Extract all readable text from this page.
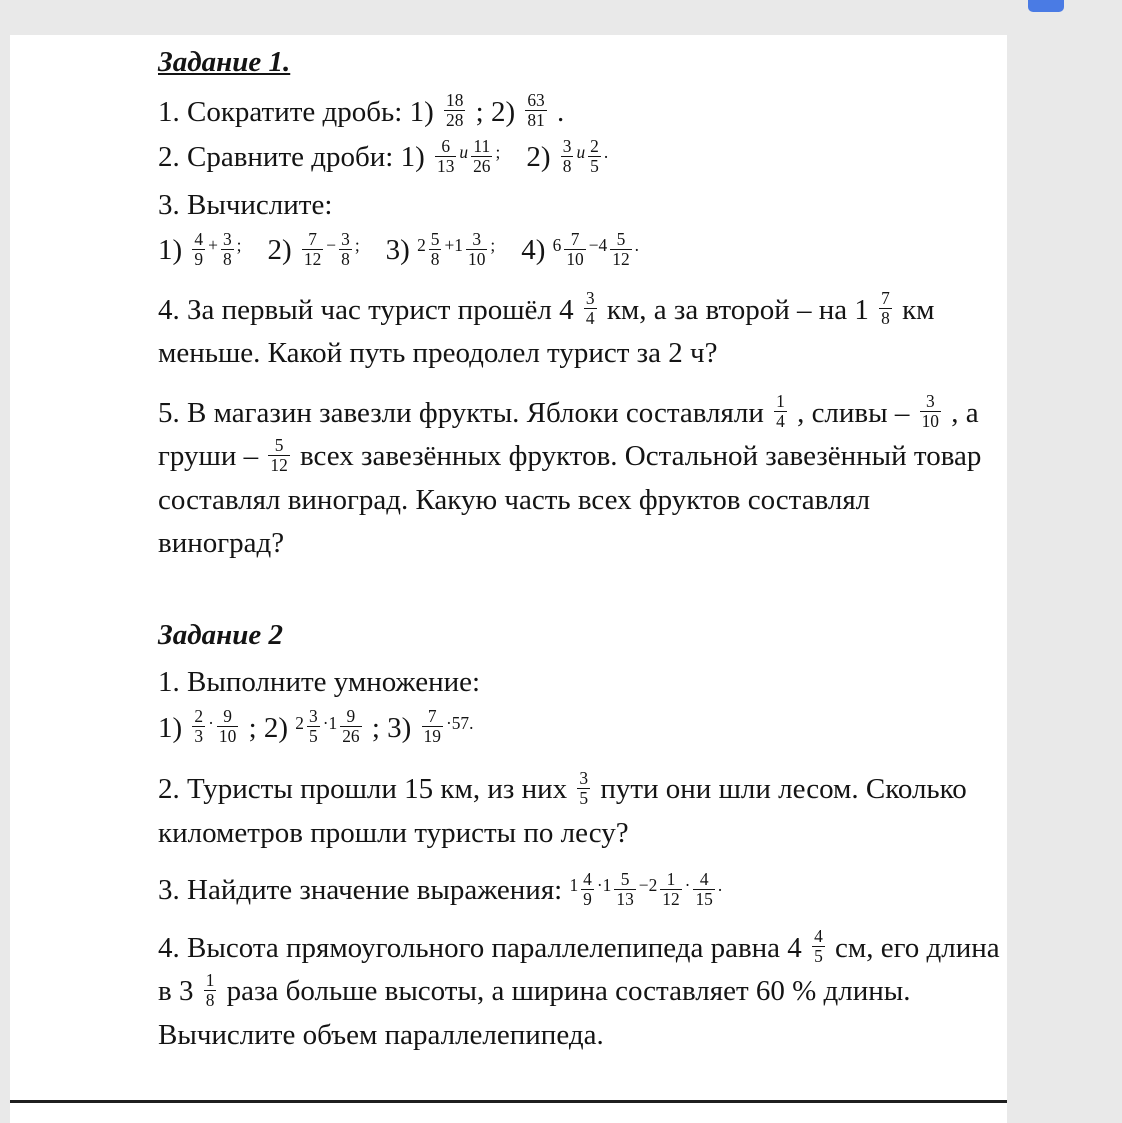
Задание 1.

1. Сократите дробь: $1) \frac{18}{28}$ ; $2) \frac{63}{81}$ .

2. Сравните дроби: $1) \frac{6}{13} ^и \frac{11}{26} ^;$ $2) \frac{3}{8} ^и \frac{2}{5} ^.$

3. Вычислите:

$1) \frac{4}{9} ^+ \frac{3}{8} ^;$ $2) \frac{7}{12} ^- \frac{3}{8} ^;$ 3) $^2 \frac{5}{8} ^{+1} \frac{3}{10} ^;$ 4) $^6 \frac{7}{10} ^{-4} \frac{5}{12} ^.$

4. За первый час турист прошёл $4 \frac{3}{4}$ км, а за второй – на $1 \frac{7}{8}$ км меньше. Какой путь преодолел турист за 2 ч?

5. В магазин завезли фрукты. Яблоки составляли $\frac{1}{4}$ , сливы – $\frac{3}{10}$ , а груши – $\frac{5}{12}$ всех завезённых фруктов. Остальной завезённый товар составлял виноград. Какую часть всех фруктов составлял виноград?

Задание 2

1. Выполните умножение:

$1) \frac{2}{3} ^\cdot \frac{9}{10}$ ; 2) $^2 \frac{3}{5} ^{\cdot 1} \frac{9}{26}$ ; $3) \frac{7}{19} ^{\cdot 57.}$

2. Туристы прошли 15 км, из них $\frac{3}{5}$ пути они шли лесом. Сколько километров прошли туристы по лесу?

3. Найдите значение выражения: $^1 \frac{4}{9} ^{\cdot 1} \frac{5}{13} ^{-2} \frac{1}{12} ^\cdot \frac{4}{15} ^.$

4. Высота прямоугольного параллелепипеда равна $4 \frac{4}{5}$ см, его длина в $3 \frac{1}{8}$ раза больше высоты, а ширина составляет 60 % длины. Вычислите объем параллелепипеда.
